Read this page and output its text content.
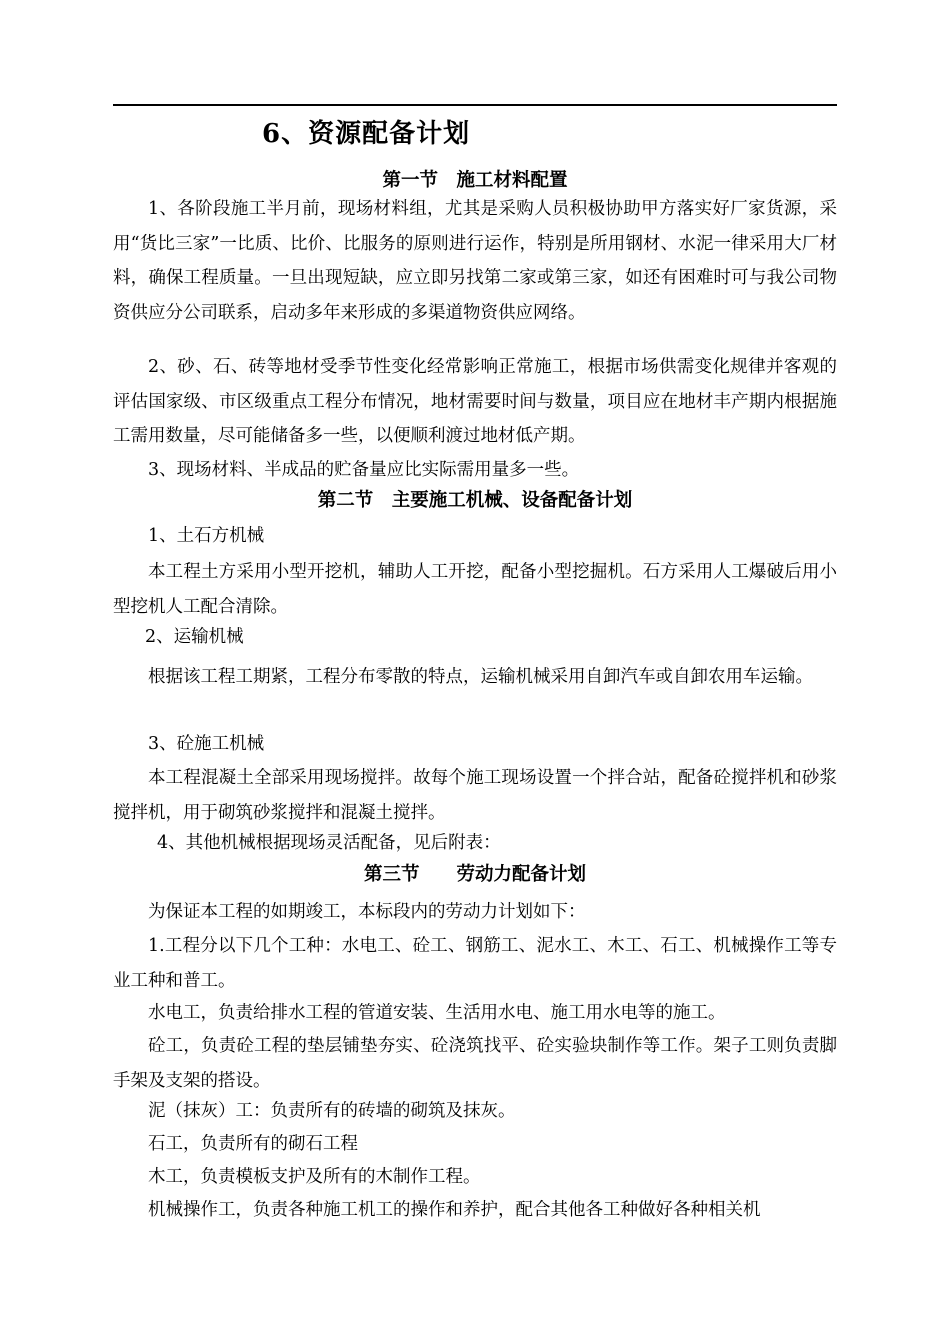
6、资源配备计划
第一节　施工材料配置

1、各阶段施工半月前，现场材料组，尤其是采购人员积极协助甲方落实好厂家货源，采用“货比三家”一比质、比价、比服务的原则进行运作，特别是所用钢材、水泥一律采用大厂材料，确保工程质量。一旦出现短缺，应立即另找第二家或第三家，如还有困难时可与我公司物资供应分公司联系，启动多年来形成的多渠道物资供应网络。

2、砂、石、砖等地材受季节性变化经常影响正常施工，根据市场供需变化规律并客观的评估国家级、市区级重点工程分布情况，地材需要时间与数量，项目应在地材丰产期内根据施工需用数量，尽可能储备多一些，以便顺利渡过地材低产期。

3、现场材料、半成品的贮备量应比实际需用量多一些。

第二节　主要施工机械、设备配备计划

1、土石方机械

本工程土方采用小型开挖机，辅助人工开挖，配备小型挖掘机。石方采用人工爆破后用小型挖机人工配合清除。

2、运输机械

根据该工程工期紧，工程分布零散的特点，运输机械采用自卸汽车或自卸农用车运输。

3、砼施工机械

本工程混凝土全部采用现场搅拌。故每个施工现场设置一个拌合站，配备砼搅拌机和砂浆搅拌机，用于砌筑砂浆搅拌和混凝土搅拌。

4、其他机械根据现场灵活配备，见后附表：

第三节　　劳动力配备计划

为保证本工程的如期竣工，本标段内的劳动力计划如下：

1.工程分以下几个工种：水电工、砼工、钢筋工、泥水工、木工、石工、机械操作工等专业工种和普工。

水电工，负责给排水工程的管道安装、生活用水电、施工用水电等的施工。

砼工，负责砼工程的垫层铺垫夯实、砼浇筑找平、砼实验块制作等工作。架子工则负责脚手架及支架的搭设。

泥（抹灰）工：负责所有的砖墙的砌筑及抹灰。

石工，负责所有的砌石工程

木工，负责模板支护及所有的木制作工程。

机械操作工，负责各种施工机工的操作和养护，配合其他各工种做好各种相关机
